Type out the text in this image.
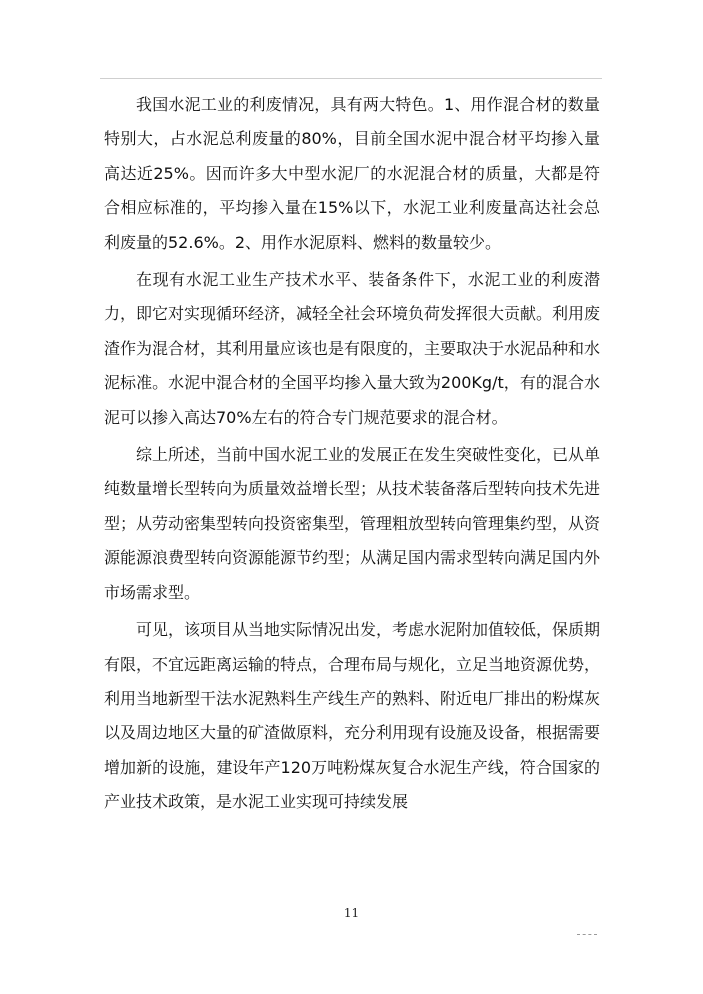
我国水泥工业的利废情况，具有两大特色。1、用作混合材的数量特别大，占水泥总利废量的80%，目前全国水泥中混合材平均掺入量高达近25%。因而许多大中型水泥厂的水泥混合材的质量，大都是符合相应标准的，平均掺入量在15%以下，水泥工业利废量高达社会总利废量的52.6%。2、用作水泥原料、燃料的数量较少。

在现有水泥工业生产技术水平、装备条件下，水泥工业的利废潜力，即它对实现循环经济，减轻全社会环境负荷发挥很大贡献。利用废渣作为混合材，其利用量应该也是有限度的，主要取决于水泥品种和水泥标准。水泥中混合材的全国平均掺入量大致为200Kg/t，有的混合水泥可以掺入高达70%左右的符合专门规范要求的混合材。

综上所述，当前中国水泥工业的发展正在发生突破性变化，已从单纯数量增长型转向为质量效益增长型；从技术装备落后型转向技术先进型；从劳动密集型转向投资密集型，管理粗放型转向管理集约型，从资源能源浪费型转向资源能源节约型；从满足国内需求型转向满足国内外市场需求型。

可见，该项目从当地实际情况出发，考虑水泥附加值较低，保质期有限，不宜远距离运输的特点，合理布局与规化，立足当地资源优势，利用当地新型干法水泥熟料生产线生产的熟料、附近电厂排出的粉煤灰以及周边地区大量的矿渣做原料，充分利用现有设施及设备，根据需要增加新的设施，建设年产120万吨粉煤灰复合水泥生产线，符合国家的产业技术政策，是水泥工业实现可持续发展

11
